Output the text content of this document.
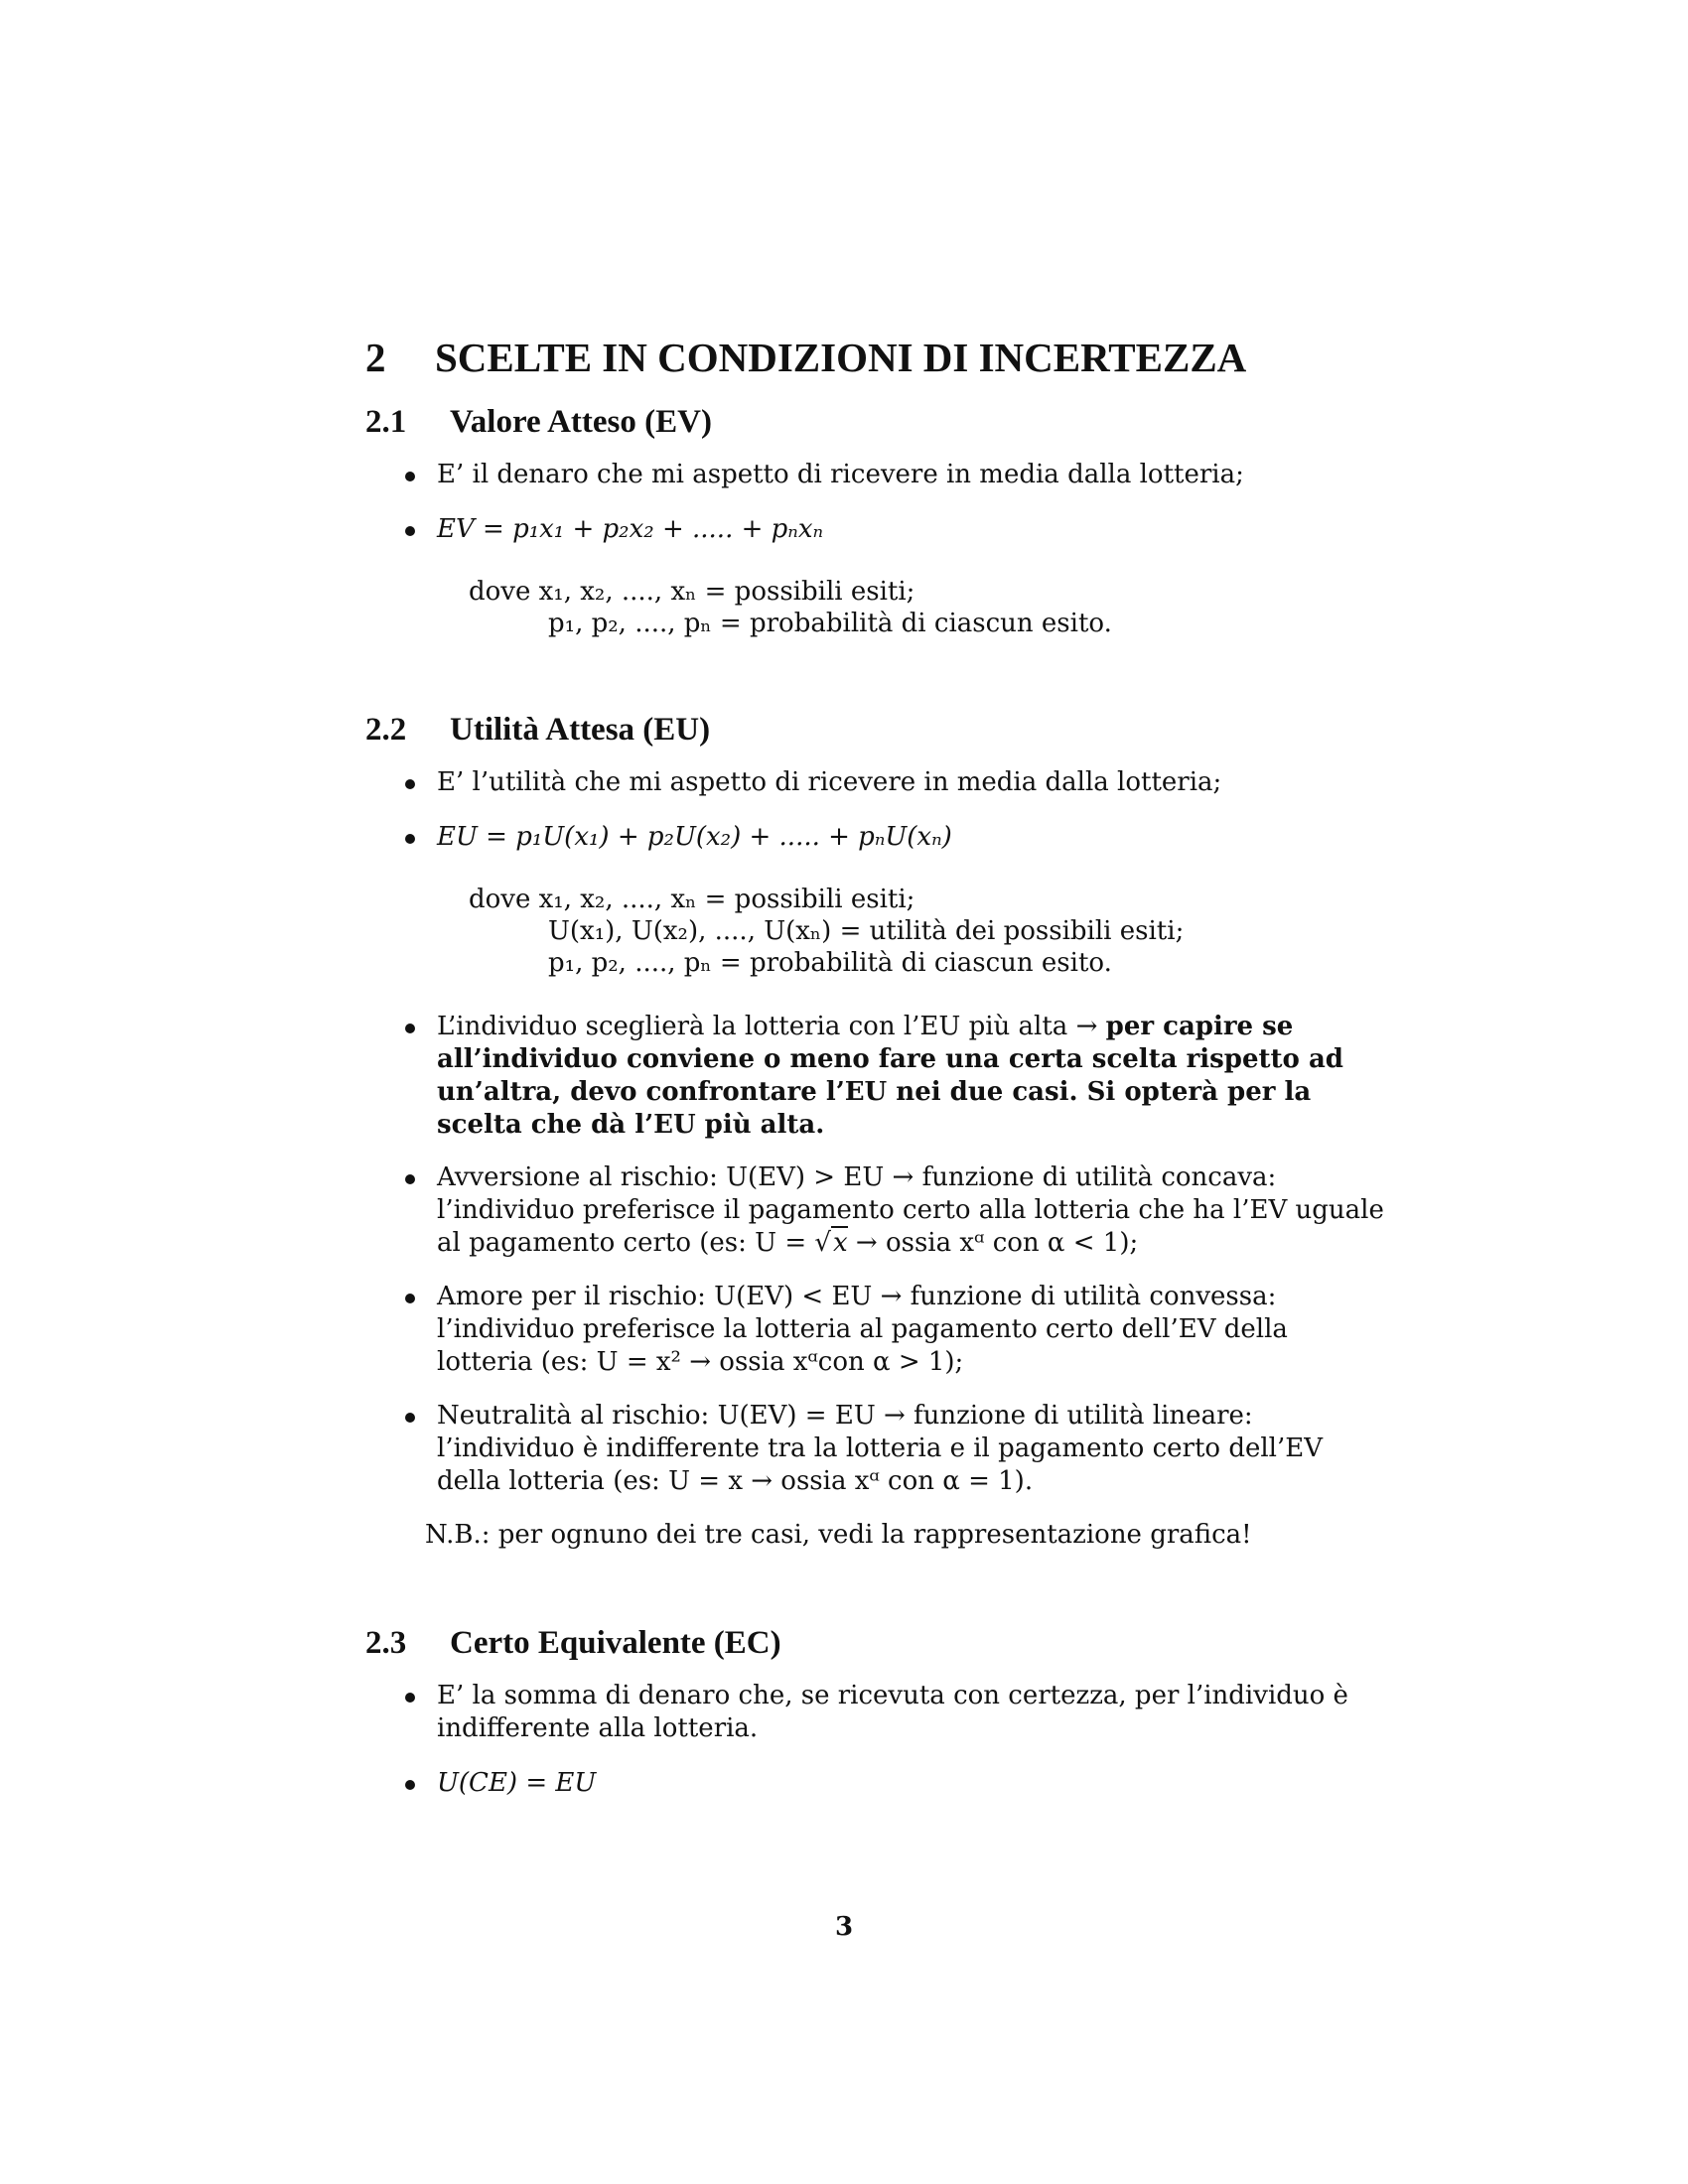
2 SCELTE IN CONDIZIONI DI INCERTEZZA
2.1 Valore Atteso (EV)
E’ il denaro che mi aspetto di ricevere in media dalla lotteria;
EV = p₁x₁ + p₂x₂ + ..... + pₙxₙ
dove x₁, x₂, ...., xₙ = possibili esiti;
p₁, p₂, ...., pₙ = probabilità di ciascun esito.
2.2 Utilità Attesa (EU)
E’ l’utilità che mi aspetto di ricevere in media dalla lotteria;
EU = p₁U(x₁) + p₂U(x₂) + ..... + pₙU(xₙ)
dove x₁, x₂, ...., xₙ = possibili esiti;
U(x₁), U(x₂), ...., U(xₙ) = utilità dei possibili esiti;
p₁, p₂, ...., pₙ = probabilità di ciascun esito.
L’individuo sceglierà la lotteria con l’EU più alta → per capire se all’individuo conviene o meno fare una certa scelta rispetto ad un’altra, devo confrontare l’EU nei due casi. Si opterà per la scelta che dà l’EU più alta.
Avversione al rischio: U(EV) > EU → funzione di utilità concava: l’individuo preferisce il pagamento certo alla lotteria che ha l’EV uguale al pagamento certo (es: U = √x → ossia xᵅ con α < 1);
Amore per il rischio: U(EV) < EU → funzione di utilità convessa: l’individuo preferisce la lotteria al pagamento certo dell’EV della lotteria (es: U = x² → ossia xᵅcon α > 1);
Neutralità al rischio: U(EV) = EU → funzione di utilità lineare: l’individuo è indifferente tra la lotteria e il pagamento certo dell’EV della lotteria (es: U = x → ossia xᵅ con α = 1).
N.B.: per ognuno dei tre casi, vedi la rappresentazione grafica!
2.3 Certo Equivalente (EC)
E’ la somma di denaro che, se ricevuta con certezza, per l’individuo è indifferente alla lotteria.
U(CE) = EU
3
